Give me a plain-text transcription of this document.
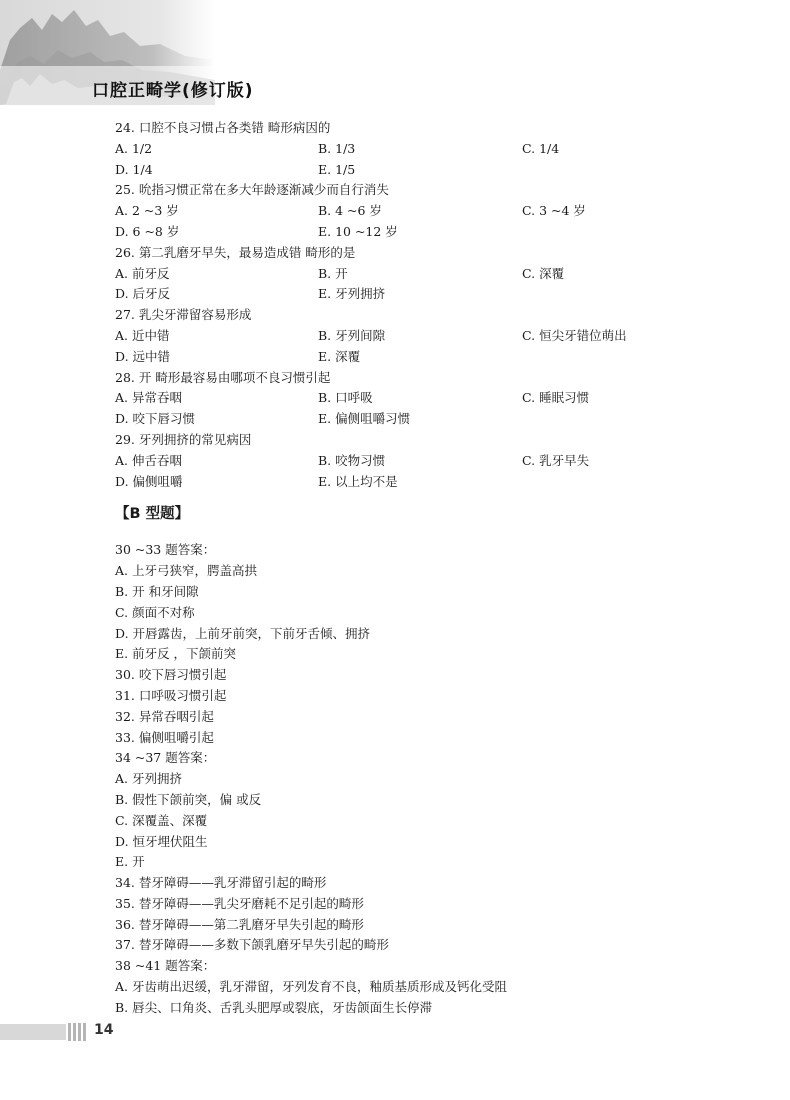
口腔正畸学(修订版)
24. 口腔不良习惯占各类错 畸形病因的
A. 1/2	B. 1/3	C. 1/4
D. 1/4	E. 1/5
25. 吮指习惯正常在多大年龄逐渐减少而自行消失
A. 2 ~3 岁	B. 4 ~6 岁	C. 3 ~4 岁
D. 6 ~8 岁	E. 10 ~12 岁
26. 第二乳磨牙早失，最易造成错 畸形的是
A. 前牙反	B. 开	C. 深覆
D. 后牙反	E. 牙列拥挤
27. 乳尖牙滞留容易形成
A. 近中错	B. 牙列间隙	C. 恒尖牙错位萌出
D. 远中错	E. 深覆
28. 开 畸形最容易由哪项不良习惯引起
A. 异常吞咽	B. 口呼吸	C. 睡眠习惯
D. 咬下唇习惯	E. 偏侧咀嚼习惯
29. 牙列拥挤的常见病因
A. 伸舌吞咽	B. 咬物习惯	C. 乳牙早失
D. 偏侧咀嚼	E. 以上均不是
【B 型题】
30 ~33 题答案：
A. 上牙弓狭窄，腭盖高拱
B. 开 和牙间隙
C. 颜面不对称
D. 开唇露齿，上前牙前突，下前牙舌倾、拥挤
E. 前牙反 ，下颌前突
30. 咬下唇习惯引起
31. 口呼吸习惯引起
32. 异常吞咽引起
33. 偏侧咀嚼引起
34 ~37 题答案：
A. 牙列拥挤
B. 假性下颌前突，偏 或反
C. 深覆盖、深覆
D. 恒牙埋伏阻生
E. 开
34. 替牙障碍——乳牙滞留引起的畸形
35. 替牙障碍——乳尖牙磨耗不足引起的畸形
36. 替牙障碍——第二乳磨牙早失引起的畸形
37. 替牙障碍——多数下颌乳磨牙早失引起的畸形
38 ~41 题答案：
A. 牙齿萌出迟缓，乳牙滞留，牙列发育不良，釉质基质形成及钙化受阻
B. 唇尖、口角炎、舌乳头肥厚或裂底，牙齿颌面生长停滞
14
